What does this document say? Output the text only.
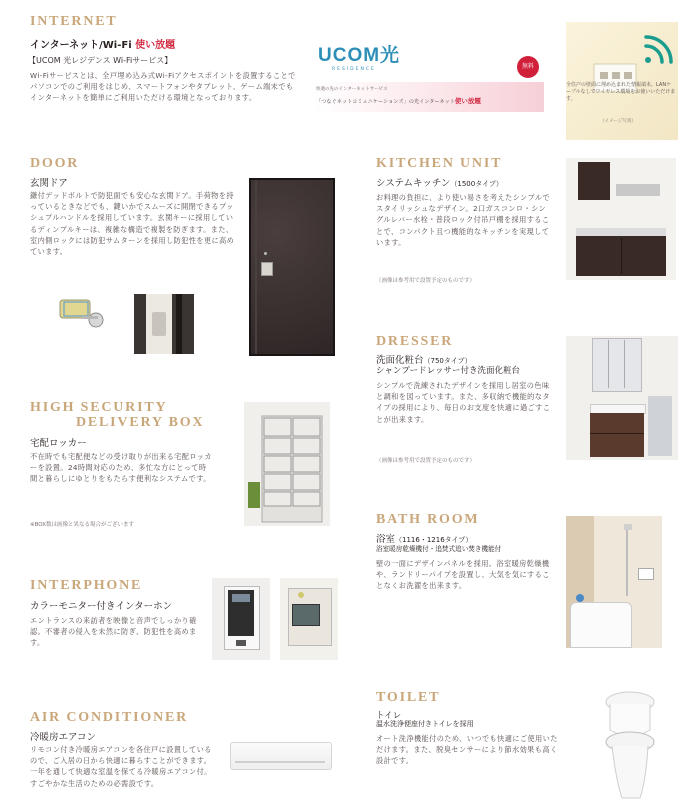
INTERNET
インターネット/Wi-Fi 使い放題
【UCOM 光レジデンス Wi-Fiサービス】
Wi-Fiサービスとは、全戸埋め込み式Wi-Fiアクセスポイントを設置することでパソコンでのご利用をはじめ、スマートフォンやタブレット、ゲーム端末でもインターネットを簡単にご利用いただける環境となっております。
UCOM光
RESIDENCE	無料
快適の先のインターネットサービス
「つなぐネットコミュニケーションズ」の光インターネット使い放題
全住戸の壁面に埋め込まれた情報端末。LANケーブルなしでワイヤレス環境をお使いいただけます。
（イメージ写真）
DOOR
玄関ドア
鎌付デッドボルトで防犯面でも安心な玄関ドア。手荷物を持っているときなどでも、鍵いかでスムーズに開閉できるプッシュプルハンドルを採用しています。玄関キーに採用しているディンプルキーは、複雑な構造で複製を防ぎます。また、室内側ロックには防犯サムターンを採用し防犯性を更に高めています。
KITCHEN UNIT
システムキッチン（1500タイプ）
お料理の負担に、より使い易さを考えたシンプルでスタイリッシュなデザイン。2口ガスコンロ・シングルレバー水栓・普段ロック付吊戸棚を採用することで、コンパクト且つ機能的なキッチンを実現しています。
（画像は参考用で設置予定のものです）
DRESSER
洗面化粧台（750タイプ）
シャンプードレッサー付き洗面化粧台
シンプルで洗練されたデザインを採用し居室の色味と調和を図っています。また、多収納で機能的なタイプの採用により、毎日のお支度を快適に過ごすことが出来ます。
（画像は参考用で設置予定のものです）
HIGH SECURITY
DELIVERY BOX
宅配ロッカー
不在時でも宅配便などの受け取りが出来る宅配ロッカーを設置。24時間対応のため、多忙な方にとって時間と暮らしにゆとりをもたらす便利なシステムです。
※BOX数は画像と異なる場合がございます	BATH ROOM
浴室（1116・1216タイプ）
浴室暖房乾燥機付・追焚式追い焚き機能付
壁の一面にデザインパネルを採用。浴室暖房乾燥機や、ランドリーパイプを設置し、大気を気にすることなくお洗濯を出来ます。
INTERPHONE
カラーモニター付きインターホン
エントランスの来訪者を映像と音声でしっかり確認。不審者の侵入を未然に防ぎ、防犯性を高めます。
TOILET
トイレ
温水洗浄便座付きトイレを採用
オート洗浄機能付のため、いつでも快適にご使用いただけます。また、脱臭センサーにより節水効果も高く設計です。
AIR CONDITIONER
冷暖房エアコン
リモコン付き冷暖房エアコンを各住戸に設置しているので、ご入居の日から快適に暮らすことができます。一年を通して快適な室温を保てる冷暖房エアコン付。すごやかな生活のための必需設です。
